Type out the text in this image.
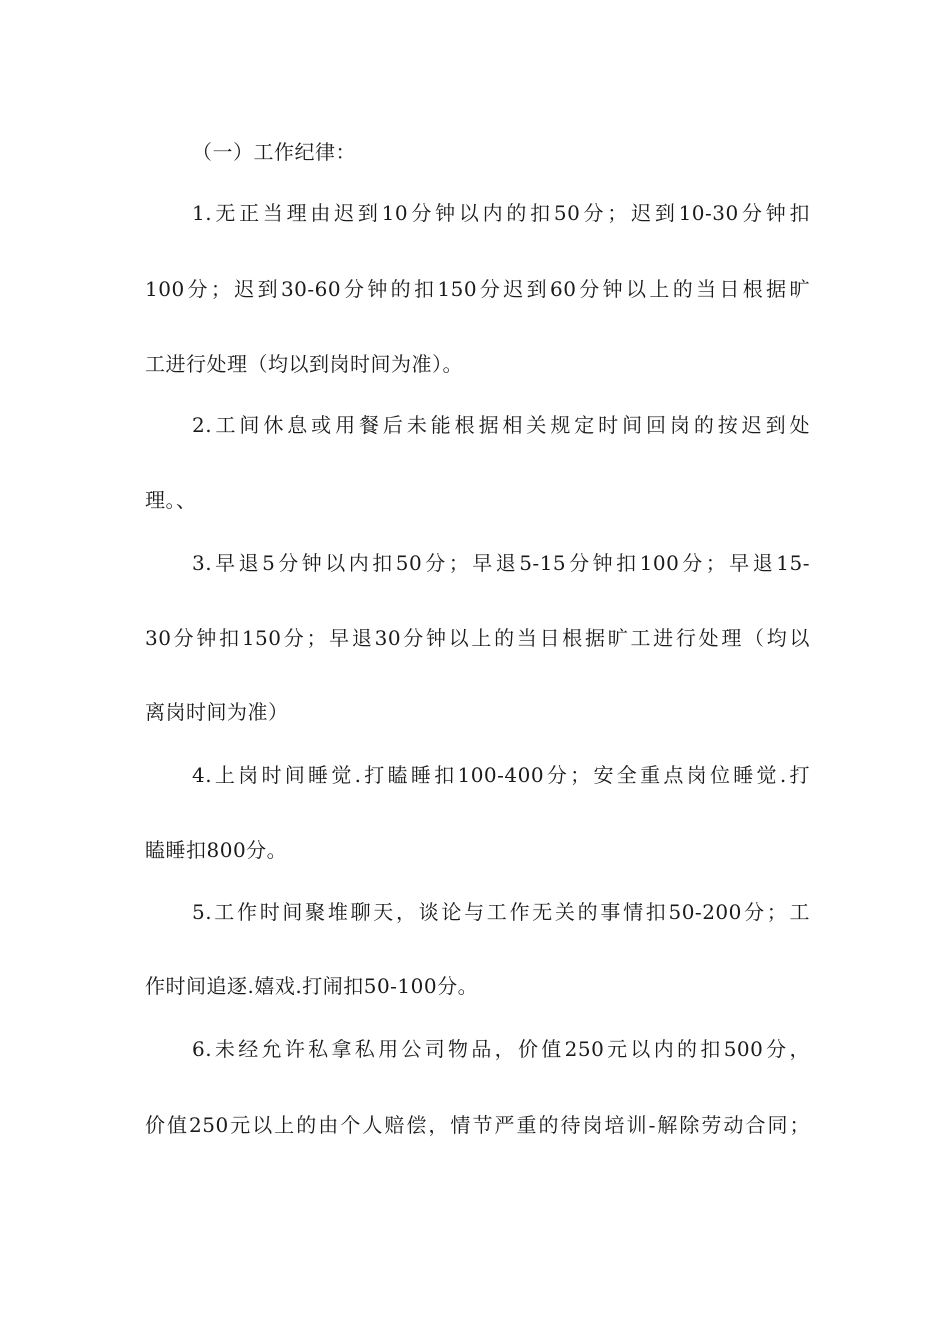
（一）工作纪律：
1.无正当理由迟到10分钟以内的扣50分；迟到10-30分钟扣
100分；迟到30-60分钟的扣150分迟到60分钟以上的当日根据旷
工进行处理（均以到岗时间为准）。
2.工间休息或用餐后未能根据相关规定时间回岗的按迟到处
理。、
3.早退5分钟以内扣50分；早退5-15分钟扣100分；早退15-
30分钟扣150分；早退30分钟以上的当日根据旷工进行处理（均以
离岗时间为准）
4.上岗时间睡觉.打瞌睡扣100-400分；安全重点岗位睡觉.打
瞌睡扣800分。
5.工作时间聚堆聊天，谈论与工作无关的事情扣50-200分；工
作时间追逐.嬉戏.打闹扣50-100分。
6.未经允许私拿私用公司物品，价值250元以内的扣500分，
价值250元以上的由个人赔偿，情节严重的待岗培训-解除劳动合同；
